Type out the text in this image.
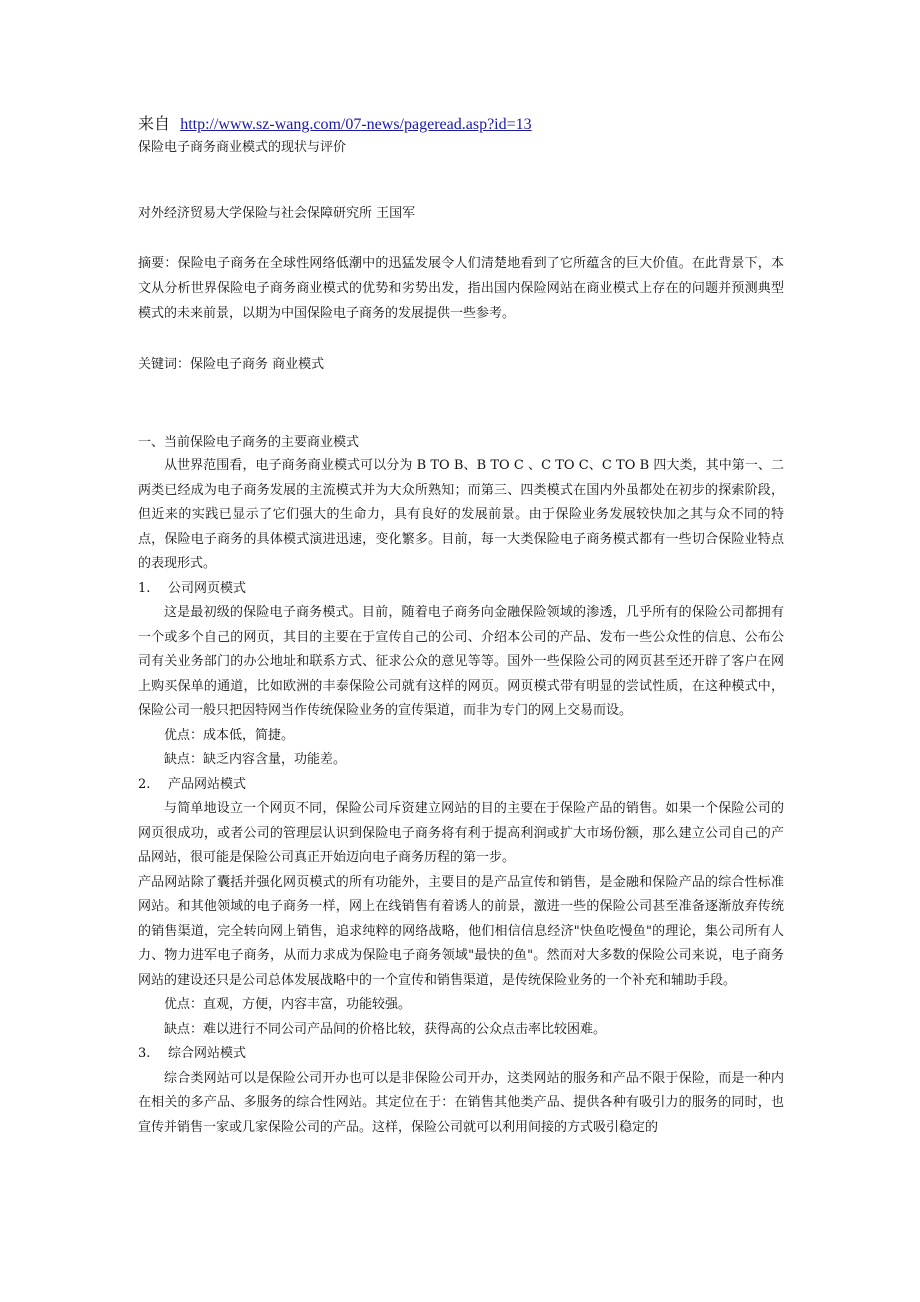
来自 http://www.sz-wang.com/07-news/pageread.asp?id=13

保险电子商务商业模式的现状与评价

对外经济贸易大学保险与社会保障研究所 王国军

摘要：保险电子商务在全球性网络低潮中的迅猛发展令人们清楚地看到了它所蕴含的巨大价值。在此背景下，本文从分析世界保险电子商务商业模式的优势和劣势出发，指出国内保险网站在商业模式上存在的问题并预测典型模式的未来前景，以期为中国保险电子商务的发展提供一些参考。

关键词：保险电子商务 商业模式

一、当前保险电子商务的主要商业模式

从世界范围看，电子商务商业模式可以分为 B TO B、B TO C 、C TO C、C TO B 四大类，其中第一、二两类已经成为电子商务发展的主流模式并为大众所熟知；而第三、四类模式在国内外虽都处在初步的探索阶段，但近来的实践已显示了它们强大的生命力，具有良好的发展前景。由于保险业务发展较快加之其与众不同的特点，保险电子商务的具体模式演进迅速，变化繁多。目前，每一大类保险电子商务模式都有一些切合保险业特点的表现形式。

1. 公司网页模式

这是最初级的保险电子商务模式。目前，随着电子商务向金融保险领域的渗透，几乎所有的保险公司都拥有一个或多个自己的网页，其目的主要在于宣传自己的公司、介绍本公司的产品、发布一些公众性的信息、公布公司有关业务部门的办公地址和联系方式、征求公众的意见等等。国外一些保险公司的网页甚至还开辟了客户在网上购买保单的通道，比如欧洲的丰泰保险公司就有这样的网页。网页模式带有明显的尝试性质，在这种模式中，保险公司一般只把因特网当作传统保险业务的宣传渠道，而非为专门的网上交易而设。

优点：成本低，简捷。

缺点：缺乏内容含量，功能差。

2. 产品网站模式

与简单地设立一个网页不同，保险公司斥资建立网站的目的主要在于保险产品的销售。如果一个保险公司的网页很成功，或者公司的管理层认识到保险电子商务将有利于提高利润或扩大市场份额，那么建立公司自己的产品网站，很可能是保险公司真正开始迈向电子商务历程的第一步。

产品网站除了囊括并强化网页模式的所有功能外，主要目的是产品宣传和销售，是金融和保险产品的综合性标准网站。和其他领域的电子商务一样，网上在线销售有着诱人的前景，激进一些的保险公司甚至准备逐渐放弃传统的销售渠道，完全转向网上销售，追求纯粹的网络战略，他们相信信息经济"快鱼吃慢鱼"的理论，集公司所有人力、物力进军电子商务，从而力求成为保险电子商务领域"最快的鱼"。然而对大多数的保险公司来说，电子商务网站的建设还只是公司总体发展战略中的一个宣传和销售渠道，是传统保险业务的一个补充和辅助手段。

优点：直观，方便，内容丰富，功能较强。

缺点：难以进行不同公司产品间的价格比较，获得高的公众点击率比较困难。

3. 综合网站模式

综合类网站可以是保险公司开办也可以是非保险公司开办，这类网站的服务和产品不限于保险，而是一种内在相关的多产品、多服务的综合性网站。其定位在于：在销售其他类产品、提供各种有吸引力的服务的同时，也宣传并销售一家或几家保险公司的产品。这样，保险公司就可以利用间接的方式吸引稳定的
